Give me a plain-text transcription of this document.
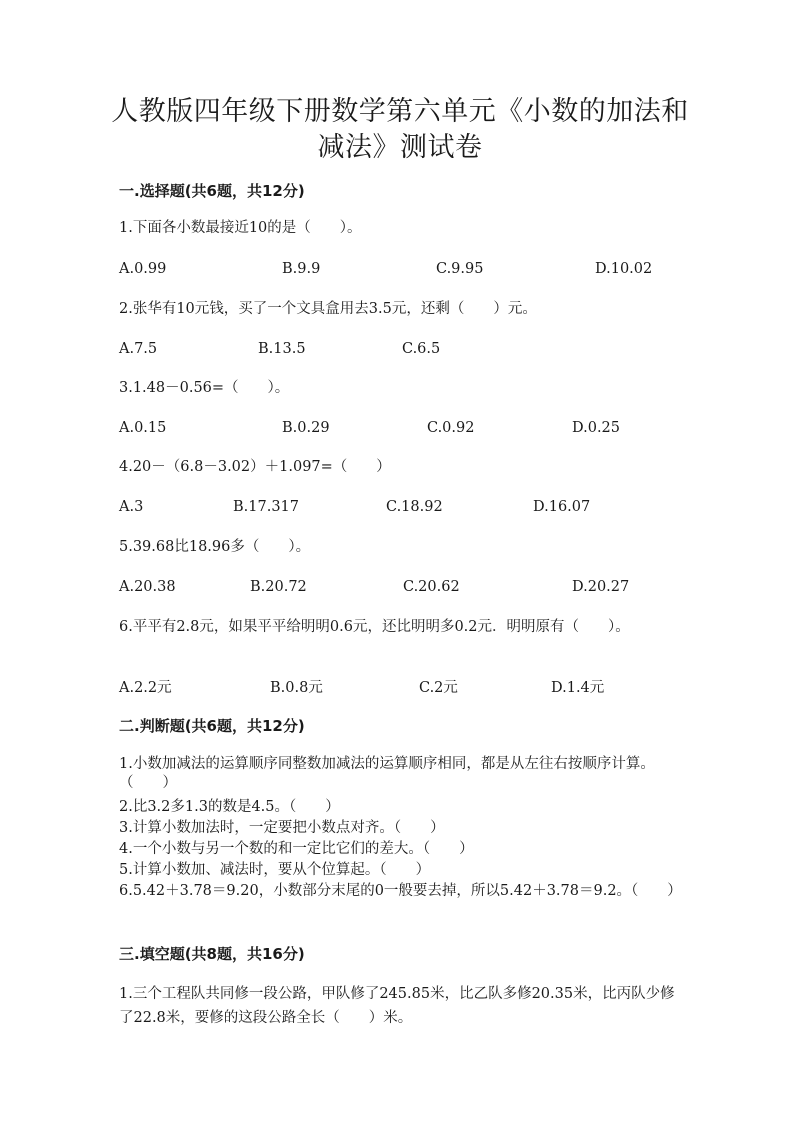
人教版四年级下册数学第六单元《小数的加法和减法》测试卷
一.选择题(共6题，共12分)
1.下面各小数最接近10的是（　　）。
A.0.99	B.9.9	C.9.95	D.10.02
2.张华有10元钱，买了一个文具盒用去3.5元，还剩（　　）元。
A.7.5	B.13.5	C.6.5
3.1.48－0.56=（　　）。
A.0.15	B.0.29	C.0.92	D.0.25
4.20－（6.8－3.02）＋1.097=（　　）
A.3	B.17.317	C.18.92	D.16.07
5.39.68比18.96多（　　）。
A.20.38	B.20.72	C.20.62	D.20.27
6.平平有2.8元，如果平平给明明0.6元，还比明明多0.2元．明明原有（　　）。
A.2.2元	B.0.8元	C.2元	D.1.4元
二.判断题(共6题，共12分)
1.小数加减法的运算顺序同整数加减法的运算顺序相同，都是从左往右按顺序计算。（　　）
2.比3.2多1.3的数是4.5。（　　）
3.计算小数加法时，一定要把小数点对齐。（　　）
4.一个小数与另一个数的和一定比它们的差大。（　　）
5.计算小数加、减法时，要从个位算起。（　　）
6.5.42＋3.78＝9.20，小数部分末尾的0一般要去掉，所以5.42＋3.78＝9.2。（　　）
三.填空题(共8题，共16分)
1.三个工程队共同修一段公路，甲队修了245.85米，比乙队多修20.35米，比丙队少修了22.8米，要修的这段公路全长（　　）米。
